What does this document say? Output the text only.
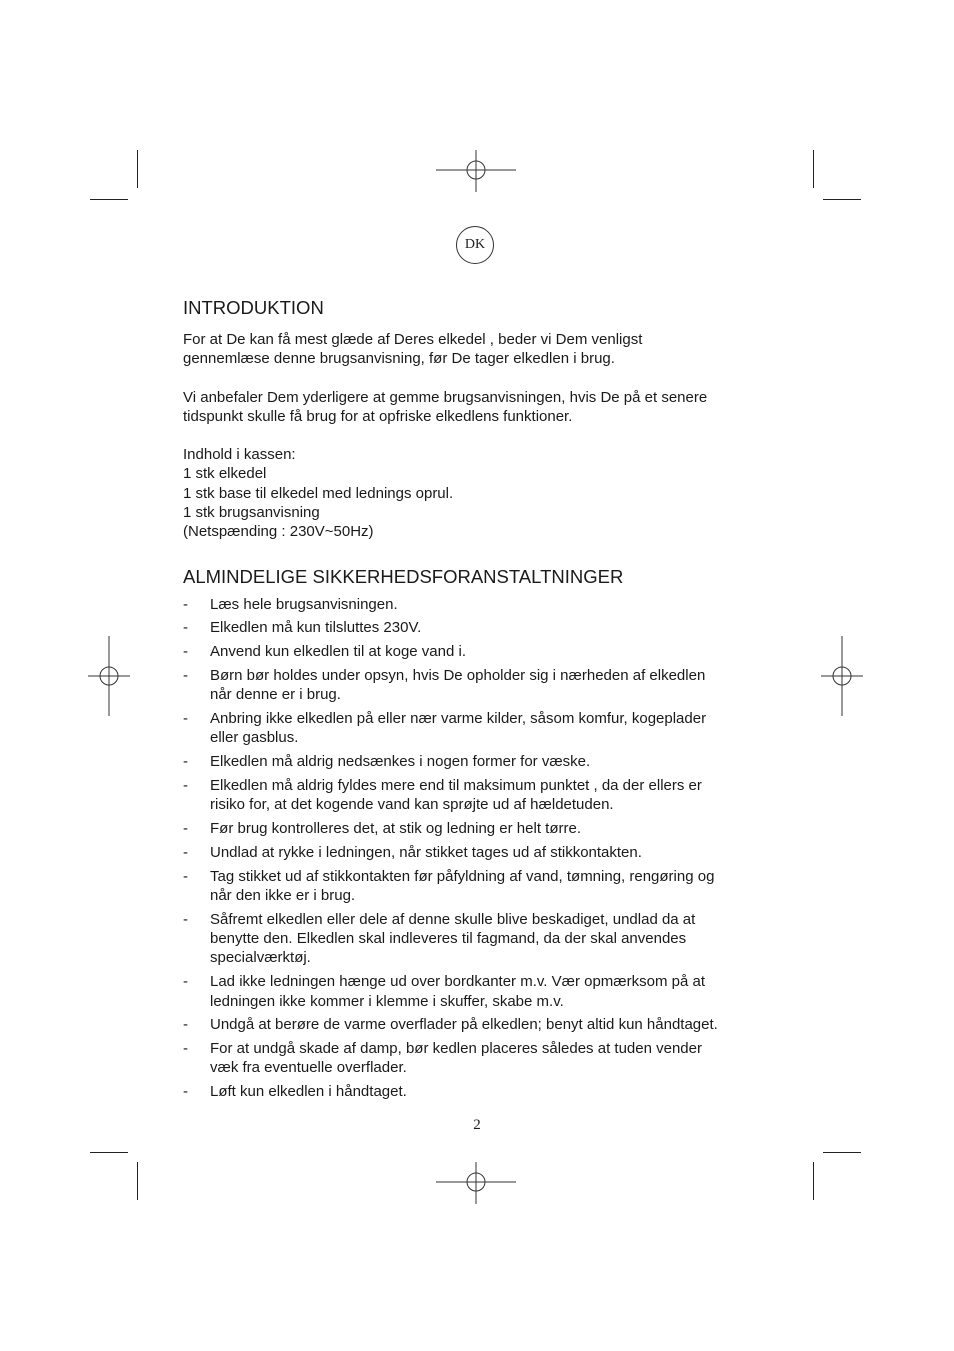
DK
INTRODUKTION

For at De kan få mest glæde af Deres elkedel , beder vi Dem venligst
gennemlæse denne brugsanvisning, før De tager elkedlen i brug.

Vi anbefaler Dem yderligere at gemme brugsanvisningen, hvis De på et senere
tidspunkt skulle få brug for at opfriske elkedlens funktioner.

Indhold i kassen:
1 stk elkedel
1 stk base til elkedel med lednings oprul.
1 stk brugsanvisning
(Netspænding : 230V~50Hz)

ALMINDELIGE SIKKERHEDSFORANSTALTNINGER
- Læs hele brugsanvisningen.
- Elkedlen må kun tilsluttes 230V.
- Anvend kun elkedlen til at koge vand i.
- Børn bør holdes under opsyn, hvis De opholder sig i nærheden af elkedlen
når denne er i brug.
- Anbring ikke elkedlen på eller nær varme kilder, såsom komfur, kogeplader
eller gasblus.
- Elkedlen må aldrig nedsænkes i nogen former for væske.
- Elkedlen må aldrig fyldes mere end til maksimum punktet , da der ellers er
risiko for, at det kogende vand kan sprøjte ud af hældetuden.
- Før brug kontrolleres det, at stik og ledning er helt tørre.
- Undlad at rykke i ledningen, når stikket tages ud af stikkontakten.
- Tag stikket ud af stikkontakten før påfyldning af vand, tømning, rengøring og
når den ikke er i brug.
- Såfremt elkedlen eller dele af denne skulle blive beskadiget, undlad da at
benytte den. Elkedlen skal indleveres til fagmand, da der skal anvendes
specialværktøj.
- Lad ikke ledningen hænge ud over bordkanter m.v. Vær opmærksom på at
ledningen ikke kommer i klemme i skuffer, skabe m.v.
- Undgå at berøre de varme overflader på elkedlen; benyt altid kun håndtaget.
- For at undgå skade af damp, bør kedlen placeres således at tuden vender
væk fra eventuelle overflader.
- Løft kun elkedlen i håndtaget.
2
